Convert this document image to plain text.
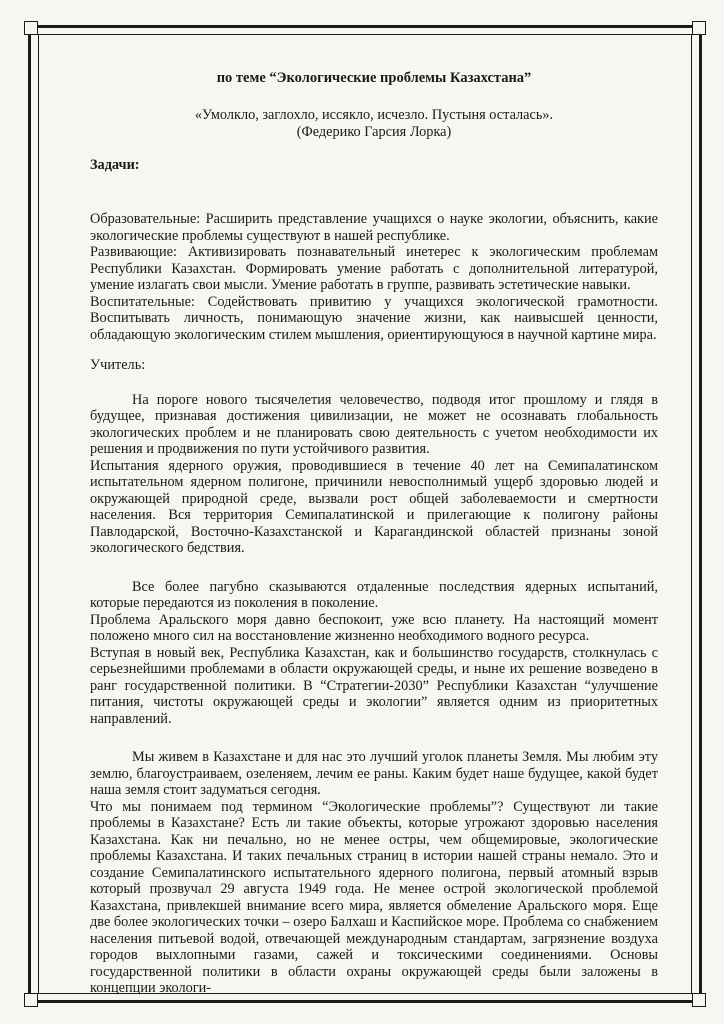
по теме “Экологические проблемы Казахстана”

«Умолкло, заглохло, иссякло, исчезло. Пустыня осталась».
(Федерико Гарсия Лорка)

Задачи:

Образовательные: Расширить представление учащихся о науке экологии, объяснить, какие экологические проблемы существуют в нашей республике.

Развивающие: Активизировать познавательный инетерес к экологическим проблемам Республики Казахстан. Формировать умение работать с дополнительной литературой, умение излагать свои мысли. Умение работать в группе, развивать эстетические навыки.

Воспитательные: Содействовать привитию у учащихся экологической грамотности. Воспитывать личность, понимающую значение жизни, как наивысшей ценности, обладающую экологическим стилем мышления, ориентирующуюся в научной картине мира.

Учитель:

На пороге нового тысячелетия человечество, подводя итог прошлому и глядя в будущее, признавая достижения цивилизации, не может не осознавать глобальность экологических проблем и не планировать свою деятельность с учетом необходимости их решения и продвижения по пути устойчивого развития.

Испытания ядерного оружия, проводившиеся в течение 40 лет на Семипалатинском испытательном ядерном полигоне, причинили невосполнимый ущерб здоровью людей и окружающей природной среде, вызвали рост общей заболеваемости и смертности населения. Вся территория Семипалатинской и прилегающие к полигону районы Павлодарской, Восточно-Казахстанской и Карагандинской областей признаны зоной экологического бедствия.

Все более пагубно сказываются отдаленные последствия ядерных испытаний, которые передаются из поколения в поколение.

Проблема Аральского моря давно беспокоит, уже всю планету. На настоящий момент положено много сил на восстановление жизненно необходимого водного ресурса.

Вступая в новый век, Республика Казахстан, как и большинство государств, столкнулась с серьезнейшими проблемами в области окружающей среды, и ныне их решение возведено в ранг государственной политики. В “Стратегии-2030” Республики Казахстан “улучшение питания, чистоты окружающей среды и экологии” является одним из приоритетных направлений.

Мы живем в Казахстане и для нас это лучший уголок планеты Земля. Мы любим эту землю, благоустраиваем, озеленяем, лечим ее раны. Каким будет наше будущее, какой будет наша земля стоит задуматься сегодня.

Что мы понимаем под термином “Экологические проблемы”? Существуют ли такие проблемы в Казахстане? Есть ли такие объекты, которые угрожают здоровью населения Казахстана. Как ни печально, но не менее остры, чем общемировые, экологические проблемы Казахстана. И таких печальных страниц в истории нашей страны немало. Это и создание Семипалатинского испытательного ядерного полигона, первый атомный взрыв который прозвучал 29 августа 1949 года. Не менее острой экологической проблемой Казахстана, привлекшей внимание всего мира, является обмеление Аральского моря. Еще две более экологических точки – озеро Балхаш и Каспийское море. Проблема со снабжением населения питьевой водой, отвечающей международным стандартам, загрязнение воздуха городов выхлопными газами, сажей и токсическими соединениями. Основы государственной политики в области охраны окружающей среды были заложены в концепции экологи-
